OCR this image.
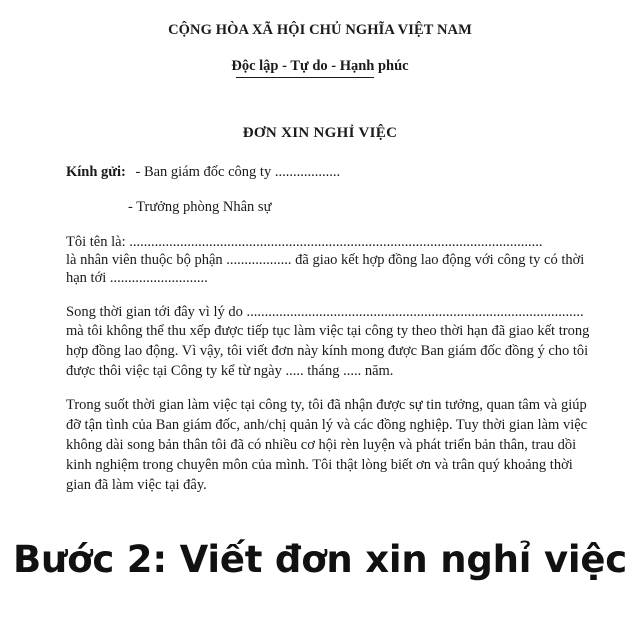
CỘNG HÒA XÃ HỘI CHỦ NGHĨA VIỆT NAM
Độc lập - Tự do - Hạnh phúc
ĐƠN XIN NGHỈ VIỆC
Kính gửi: - Ban giám đốc công ty ..................
- Trưởng phòng Nhân sự
Tôi tên là: ..................................................................................................................
là nhân viên thuộc bộ phận .................. đã giao kết hợp đồng lao động với công ty có thời
hạn tới ...........................
Song thời gian tới đây vì lý do .............................................................................................
mà tôi không thể thu xếp được tiếp tục làm việc tại công ty theo thời hạn đã giao kết trong
hợp đồng lao động. Vì vậy, tôi viết đơn này kính mong được Ban giám đốc đồng ý cho tôi
được thôi việc tại Công ty kể từ ngày ..... tháng ..... năm.
Trong suốt thời gian làm việc tại công ty, tôi đã nhận được sự tin tưởng, quan tâm và giúp
đỡ tận tình của Ban giám đốc, anh/chị quản lý và các đồng nghiệp. Tuy thời gian làm việc
không dài song bản thân tôi đã có nhiều cơ hội rèn luyện và phát triển bản thân, trau dồi
kinh nghiệm trong chuyên môn của mình. Tôi thật lòng biết ơn và trân quý khoảng thời
gian đã làm việc tại đây.
Bước 2: Viết đơn xin nghỉ việc
